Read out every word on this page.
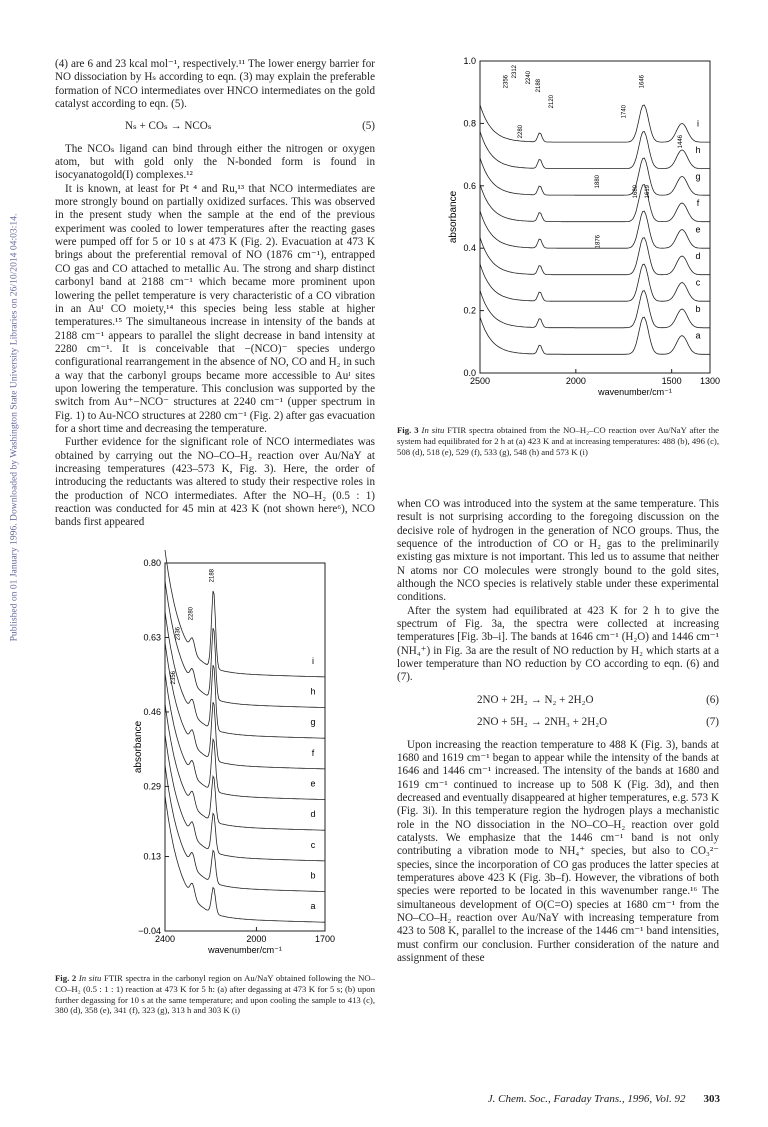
Published on 01 January 1996. Downloaded by Washington State University Libraries on 26/10/2014 04:03:14.

(4) are 6 and 23 kcal mol⁻¹, respectively.¹¹ The lower energy barrier for NO dissociation by Hₛ according to eqn. (3) may explain the preferable formation of NCO intermediates over HNCO intermediates on the gold catalyst according to eqn. (5).

Nₛ + COₛ → NCOₛ	(5)

The NCOₛ ligand can bind through either the nitrogen or oxygen atom, but with gold only the N-bonded form is found in isocyanatogold(I) complexes.¹²

It is known, at least for Pt ⁴ and Ru,¹³ that NCO intermediates are more strongly bound on partially oxidized surfaces. This was observed in the present study when the sample at the end of the previous experiment was cooled to lower temperatures after the reacting gases were pumped off for 5 or 10 s at 473 K (Fig. 2). Evacuation at 473 K brings about the preferential removal of NO (1876 cm⁻¹), entrapped CO gas and CO attached to metallic Au. The strong and sharp distinct carbonyl band at 2188 cm⁻¹ which became more prominent upon lowering the pellet temperature is very characteristic of a CO vibration in an Auᴵ CO moiety,¹⁴ this species being less stable at higher temperatures.¹⁵ The simultaneous increase in intensity of the bands at 2188 cm⁻¹ appears to parallel the slight decrease in band intensity at 2280 cm⁻¹. It is conceivable that −(NCO)⁻ species undergo configurational rearrangement in the absence of NO, CO and H₂ in such a way that the carbonyl groups became more accessible to Auᴵ sites upon lowering the temperature. This conclusion was supported by the switch from Au⁺−NCO⁻ structures at 2240 cm⁻¹ (upper spectrum in Fig. 1) to Au-NCO structures at 2280 cm⁻¹ (Fig. 2) after gas evacuation for a short time and decreasing the temperature.

Further evidence for the significant role of NCO intermediates was obtained by carrying out the NO–CO–H₂ reaction over Au/NaY at increasing temperatures (423–573 K, Fig. 3). Here, the order of introducing the reductants was altered to study their respective roles in the production of NCO intermediates. After the NO–H₂ (0.5 : 1) reaction was conducted for 45 min at 423 K (not shown here⁶), NCO bands first appeared

0.80
0.63
0.46
0.29
0.13
−0.04
2400	2000	1700
wavenumber/cm⁻¹
absorbance
a
b
c
d
e
f
g
h
i
2188
2280
2336
2356
Fig. 2 In situ FTIR spectra in the carbonyl region on Au/NaY obtained following the NO–CO–H₂ (0.5 : 1 : 1) reaction at 473 K for 5 h: (a) after degassing at 473 K for 5 s; (b) upon further degassing for 10 s at the same temperature; and upon cooling the sample to 413 (c), 380 (d), 358 (e), 341 (f), 323 (g), 313 h and 303 K (i)
1.0
0.8
0.6
0.4
0.2
0.0
2500	2000	1500 1300
wavenumber/cm⁻¹
absorbance
a
b
c
d
e
f
g
h
i
2356
2312 2240
2188
2120
2280
1880
1876
1740
1680 1619
1646
1446
Fig. 3 In situ FTIR spectra obtained from the NO–H₂–CO reaction over Au/NaY after the system had equilibrated for 2 h at (a) 423 K and at increasing temperatures: 488 (b), 496 (c), 508 (d), 518 (e), 529 (f), 533 (g), 548 (h) and 573 K (i)

when CO was introduced into the system at the same temperature. This result is not surprising according to the foregoing discussion on the decisive role of hydrogen in the generation of NCO groups. Thus, the sequence of the introduction of CO or H₂ gas to the preliminarily existing gas mixture is not important. This led us to assume that neither N atoms nor CO molecules were strongly bound to the gold sites, although the NCO species is relatively stable under these experimental conditions.

After the system had equilibrated at 423 K for 2 h to give the spectrum of Fig. 3a, the spectra were collected at increasing temperatures [Fig. 3b–i]. The bands at 1646 cm⁻¹ (H₂O) and 1446 cm⁻¹ (NH₄⁺) in Fig. 3a are the result of NO reduction by H₂ which starts at a lower temperature than NO reduction by CO according to eqn. (6) and (7).

2NO + 2H₂ → N₂ + 2H₂O	(6)
2NO + 5H₂ → 2NH₃ + 2H₂O	(7)

Upon increasing the reaction temperature to 488 K (Fig. 3), bands at 1680 and 1619 cm⁻¹ began to appear while the intensity of the bands at 1646 and 1446 cm⁻¹ increased. The intensity of the bands at 1680 and 1619 cm⁻¹ continued to increase up to 508 K (Fig. 3d), and then decreased and eventually disappeared at higher temperatures, e.g. 573 K (Fig. 3i). In this temperature region the hydrogen plays a mechanistic role in the NO dissociation in the NO–CO–H₂ reaction over gold catalysts. We emphasize that the 1446 cm⁻¹ band is not only contributing a vibration mode to NH₄⁺ species, but also to CO₃²⁻ species, since the incorporation of CO gas produces the latter species at temperatures above 423 K (Fig. 3b–f). However, the vibrations of both species were reported to be located in this wavenumber range.¹⁶ The simultaneous development of O(C=O) species at 1680 cm⁻¹ from the NO–CO–H₂ reaction over Au/NaY with increasing temperature from 423 to 508 K, parallel to the increase of the 1446 cm⁻¹ band intensities, must confirm our conclusion. Further consideration of the nature and assignment of these

J. Chem. Soc., Faraday Trans., 1996, Vol. 92 303
